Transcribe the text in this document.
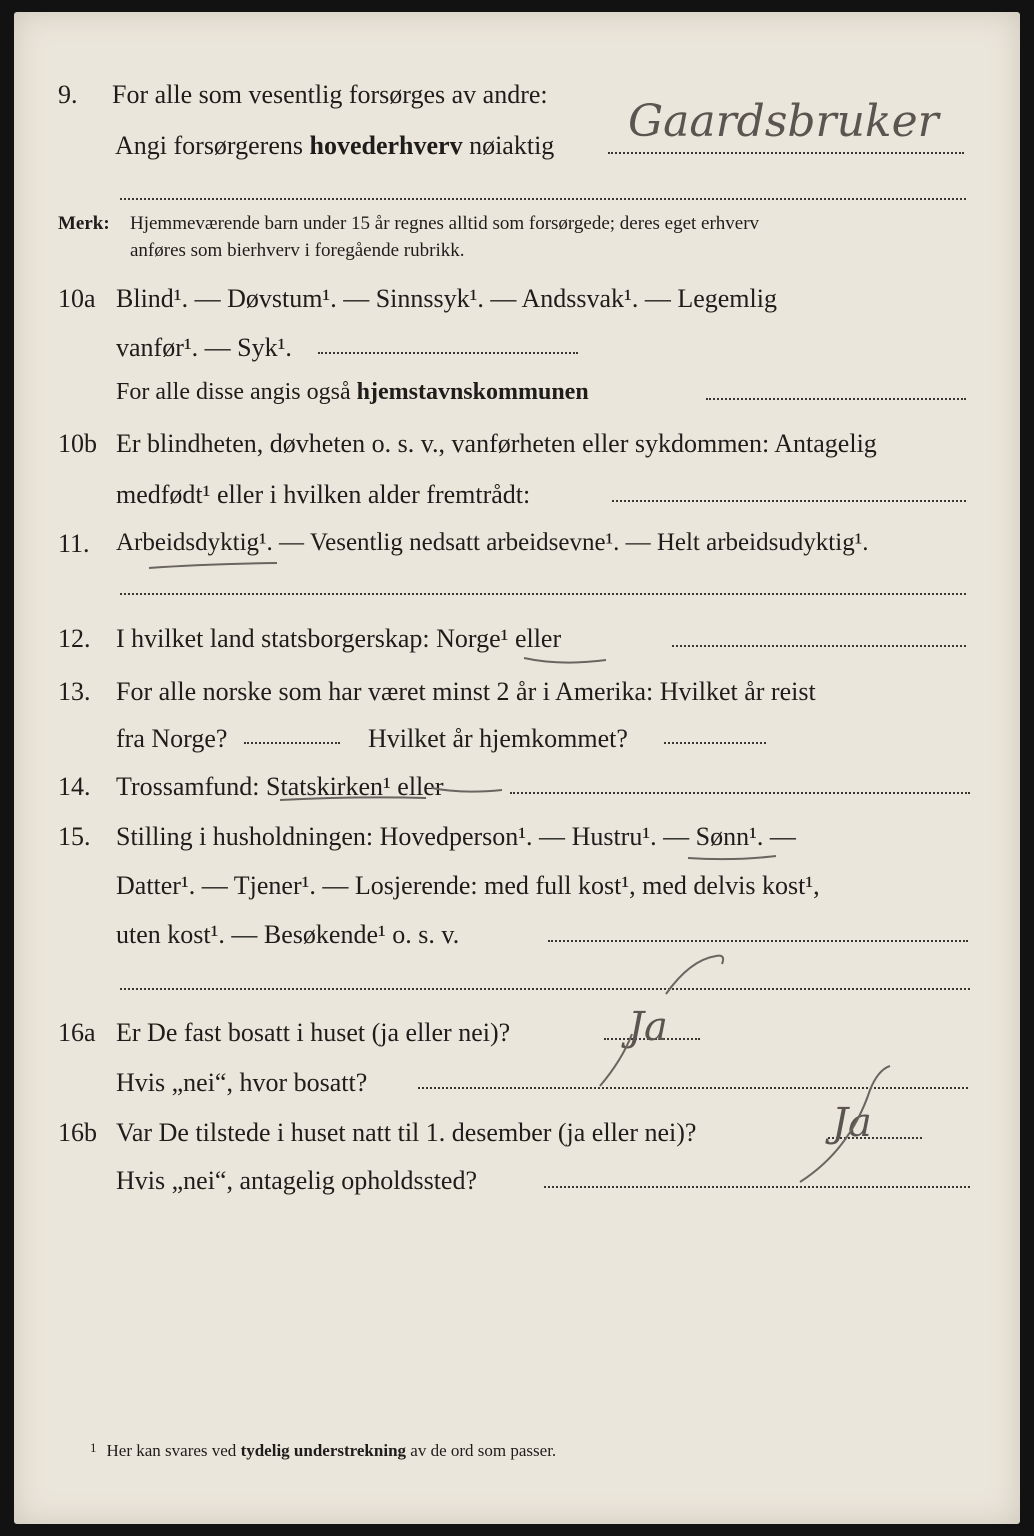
9. For alle som vesentlig forsørges av andre:
Angi forsørgerens hovederhverv nøiaktig Gaardsbruker
Merk: Hjemmeværende barn under 15 år regnes alltid som forsørgede; deres eget erhverv
anføres som bierhverv i foregående rubrikk.
10a Blind¹. — Døvstum¹. — Sinnssyk¹. — Andssvak¹. — Legemlig
vanfør¹. — Syk¹.
For alle disse angis også hjemstavnskommunen
10b Er blindheten, døvheten o. s. v., vanførheten eller sykdommen: Antagelig
medfødt¹ eller i hvilken alder fremtrådt:
11. Arbeidsdyktig¹. — Vesentlig nedsatt arbeidsevne¹. — Helt arbeidsudyktig¹.
12. I hvilket land statsborgerskap: Norge¹ eller
13. For alle norske som har været minst 2 år i Amerika: Hvilket år reist
fra Norge?	Hvilket år hjemkommet?
14. Trossamfund: Statskirken¹ eller
15. Stilling i husholdningen: Hovedperson¹. — Hustru¹. — Sønn¹. —
Datter¹. — Tjener¹. — Losjerende: med full kost¹, med delvis kost¹,
uten kost¹. — Besøkende¹ o. s. v.
16a Er De fast bosatt i huset (ja eller nei)?	Ja
Hvis „nei“, hvor bosatt?
16b Var De tilstede i huset natt til 1. desember (ja eller nei)?	Ja
Hvis „nei“, antagelig opholdssted?
$^1$ Her kan svares ved tydelig understrekning av de ord som passer.
